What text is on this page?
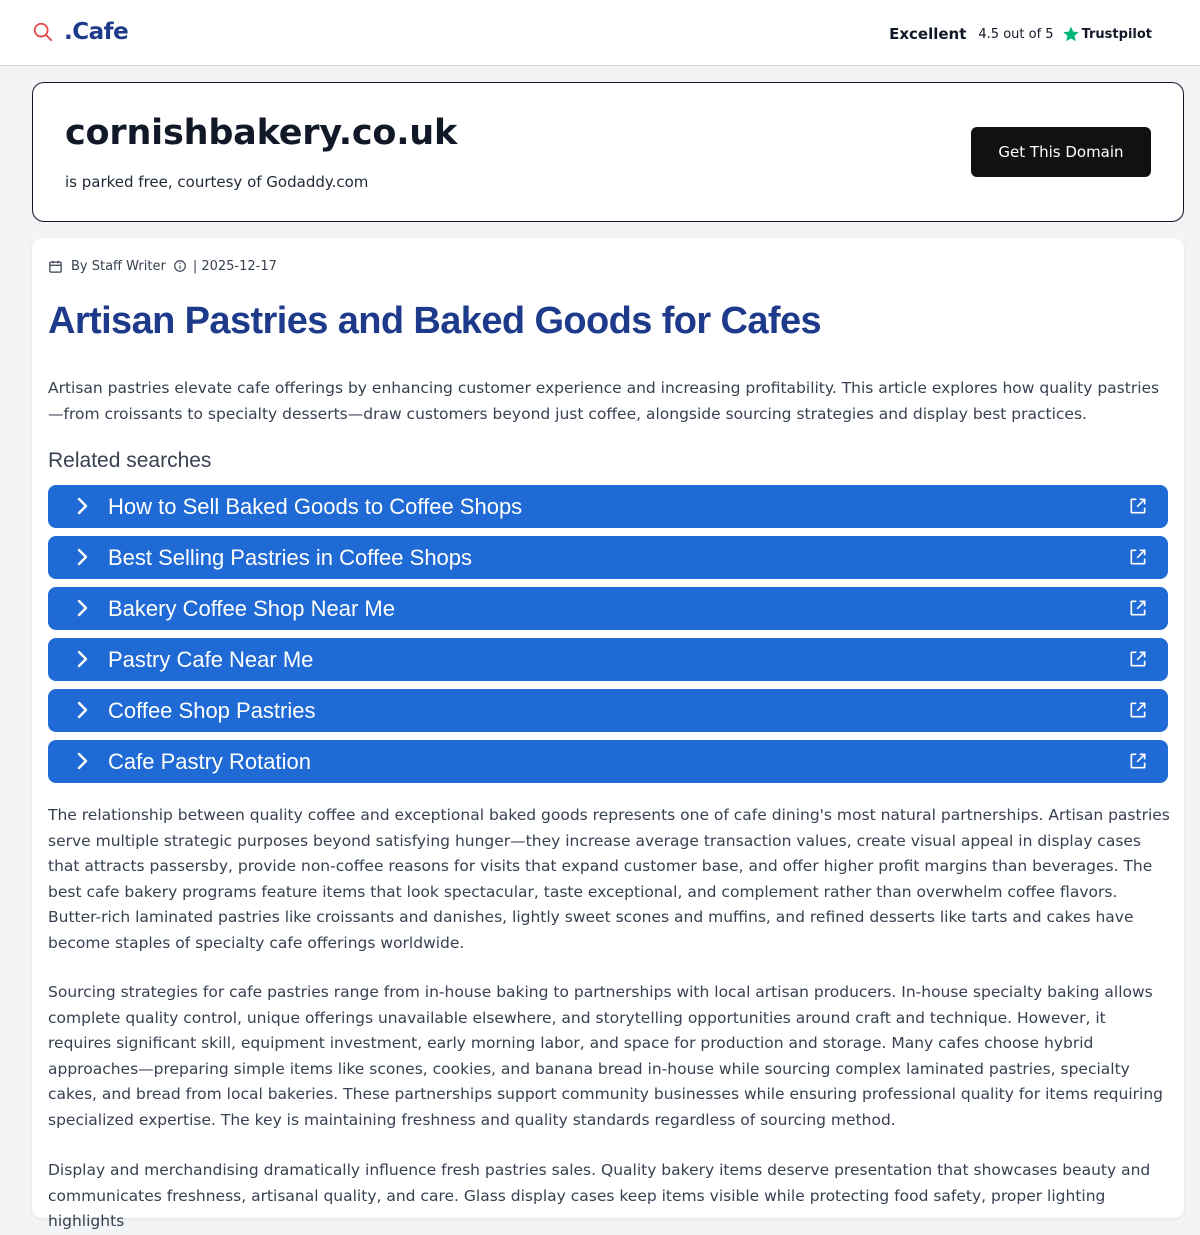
.Cafe	Excellent 4.5 out of 5 Trustpilot
cornishbakery.co.uk
is parked free, courtesy of Godaddy.com
Get This Domain
By Staff Writer | 2025-12-17
Artisan Pastries and Baked Goods for Cafes

Artisan pastries elevate cafe offerings by enhancing customer experience and increasing profitability. This article explores how quality pastries—from croissants to specialty desserts—draw customers beyond just coffee, alongside sourcing strategies and display best practices.

Related searches
How to Sell Baked Goods to Coffee Shops
Best Selling Pastries in Coffee Shops
Bakery Coffee Shop Near Me
Pastry Cafe Near Me
Coffee Shop Pastries
Cafe Pastry Rotation

The relationship between quality coffee and exceptional baked goods represents one of cafe dining's most natural partnerships. Artisan pastries serve multiple strategic purposes beyond satisfying hunger—they increase average transaction values, create visual appeal in display cases that attracts passersby, provide non-coffee reasons for visits that expand customer base, and offer higher profit margins than beverages. The best cafe bakery programs feature items that look spectacular, taste exceptional, and complement rather than overwhelm coffee flavors. Butter-rich laminated pastries like croissants and danishes, lightly sweet scones and muffins, and refined desserts like tarts and cakes have become staples of specialty cafe offerings worldwide.

Sourcing strategies for cafe pastries range from in-house baking to partnerships with local artisan producers. In-house specialty baking allows complete quality control, unique offerings unavailable elsewhere, and storytelling opportunities around craft and technique. However, it requires significant skill, equipment investment, early morning labor, and space for production and storage. Many cafes choose hybrid approaches—preparing simple items like scones, cookies, and banana bread in-house while sourcing complex laminated pastries, specialty cakes, and bread from local bakeries. These partnerships support community businesses while ensuring professional quality for items requiring specialized expertise. The key is maintaining freshness and quality standards regardless of sourcing method.

Display and merchandising dramatically influence fresh pastries sales. Quality bakery items deserve presentation that showcases beauty and communicates freshness, artisanal quality, and care. Glass display cases keep items visible while protecting food safety, proper lighting highlights
